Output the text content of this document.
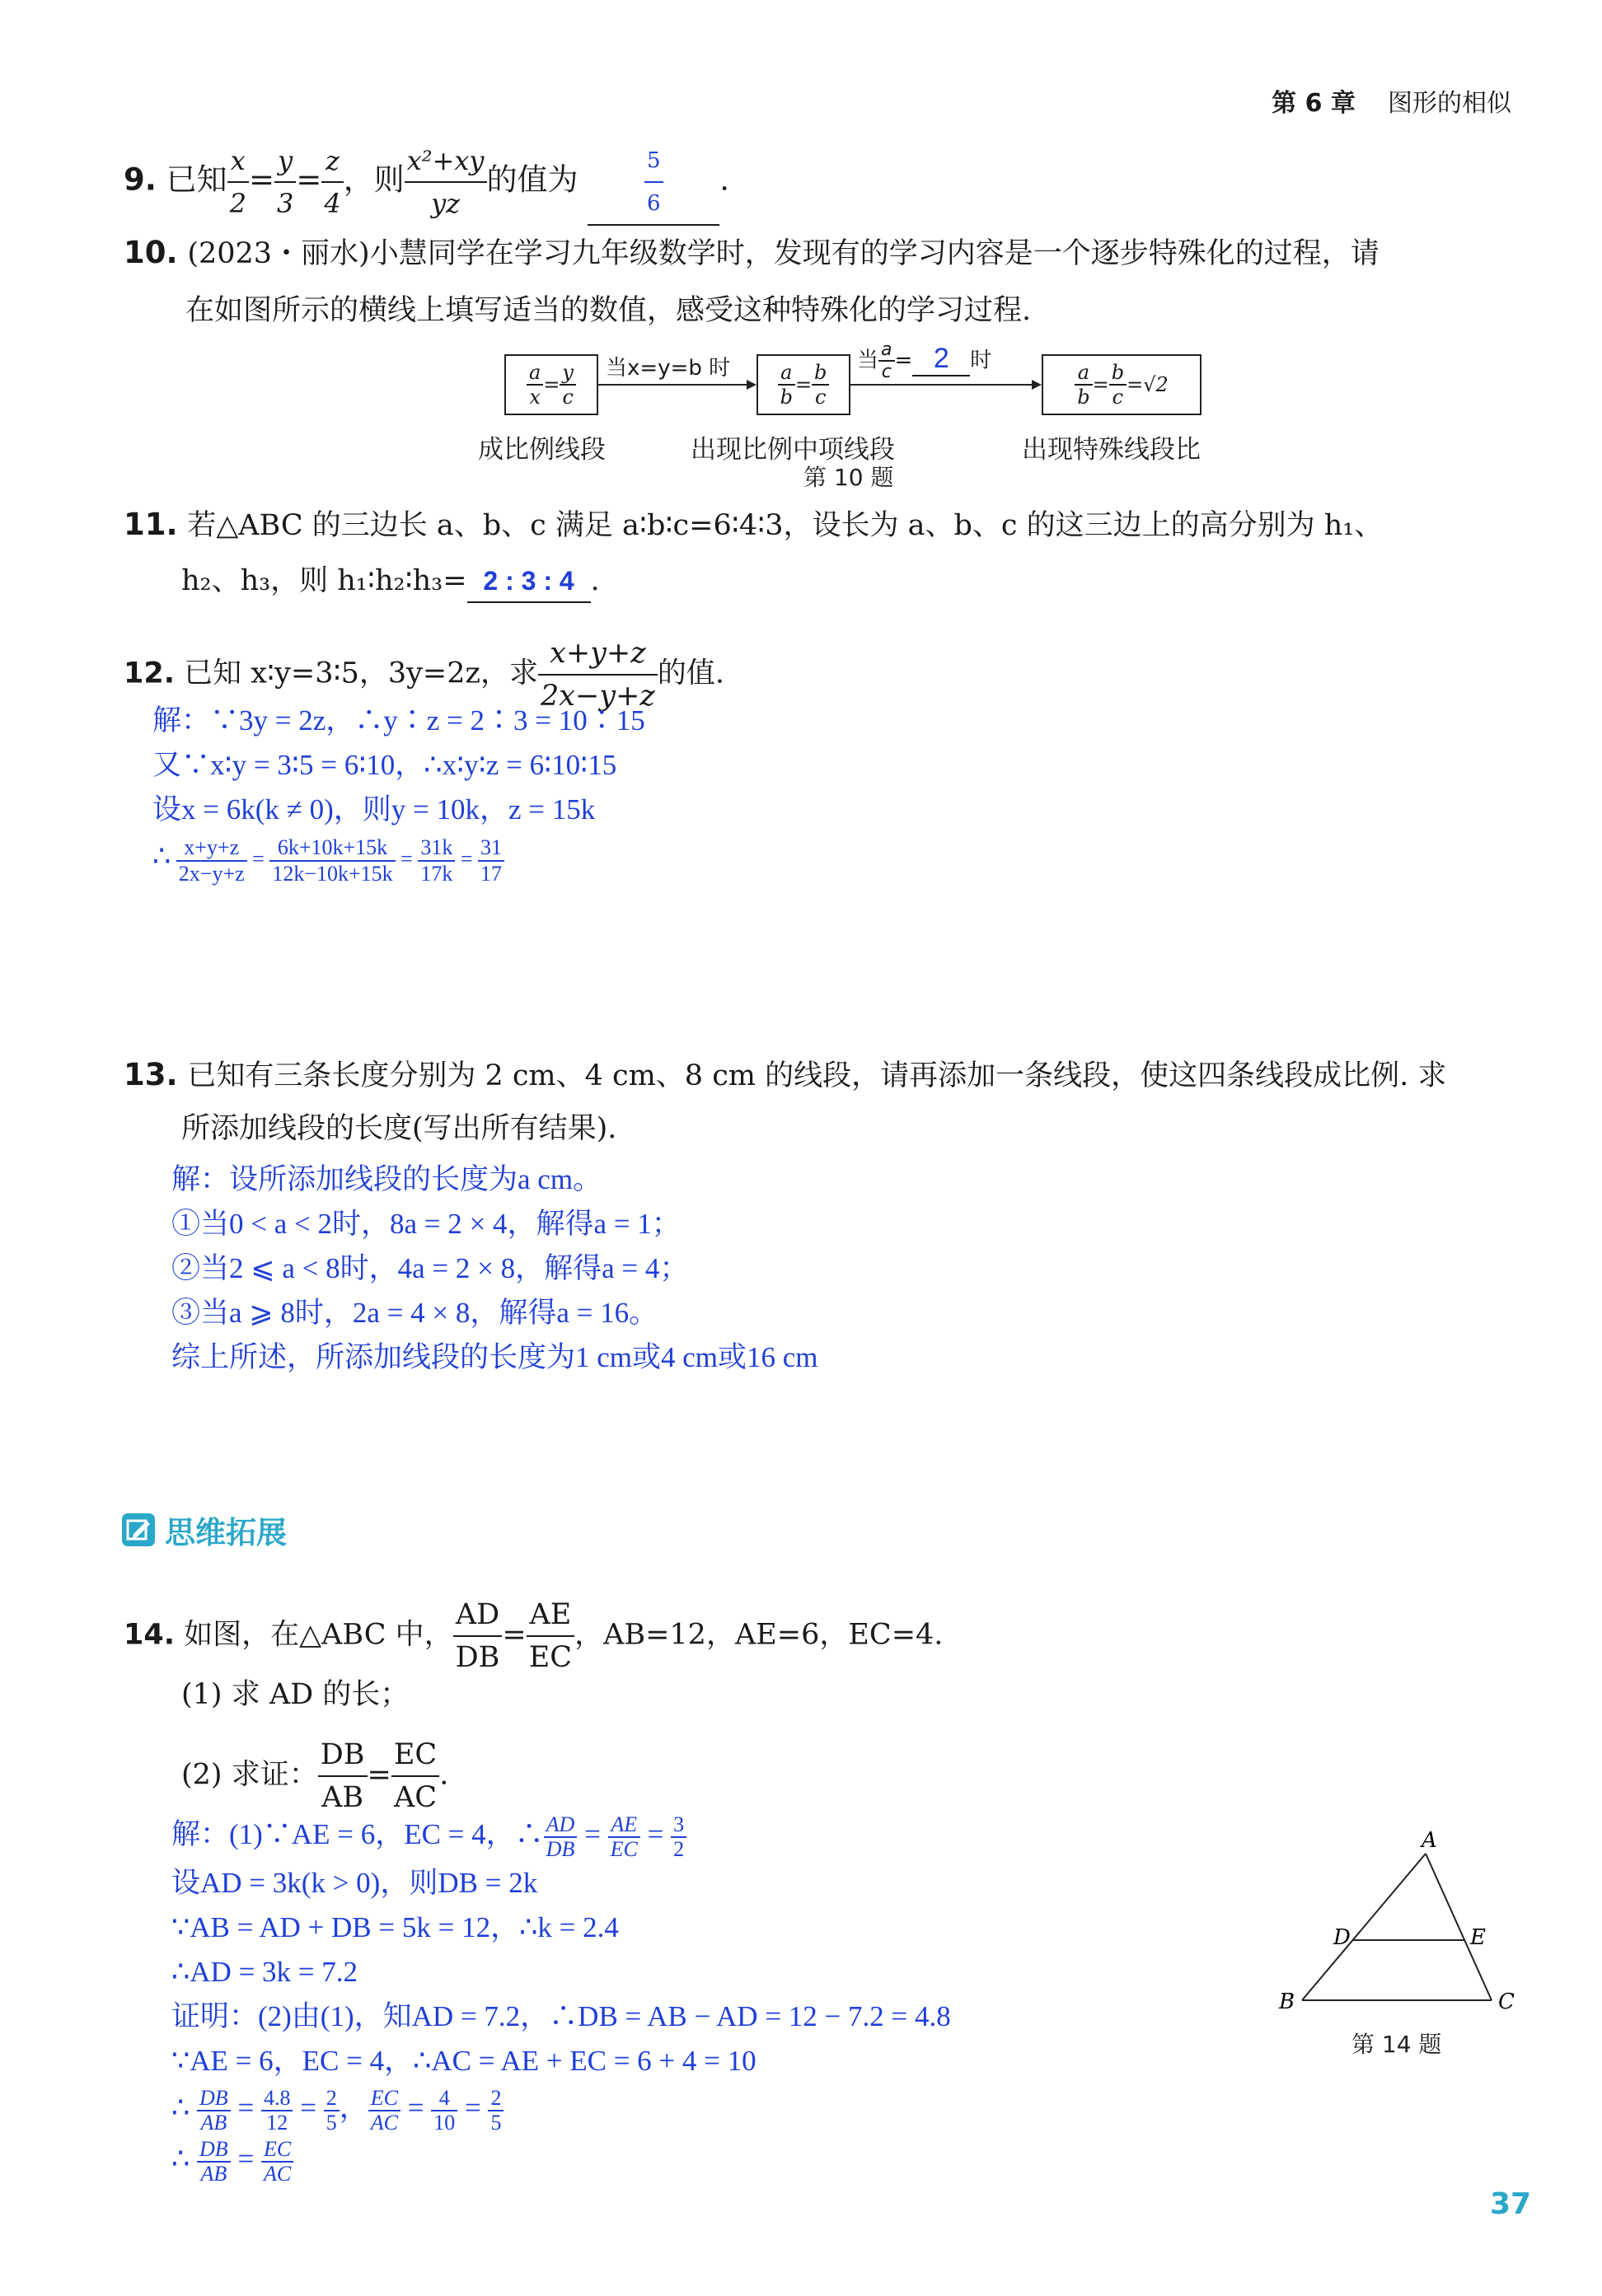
第 6 章 图形的相似
9. 已知 $\frac{x}{2} = \frac{y}{3} = \frac{z}{4}$ ，则 $\frac{\text{x²+xy}}{yz}$ 的值为	$\frac{5}{6}$ .
10. (2023・丽水)小慧同学在学习九年级数学时，发现有的学习内容是一个逐步特殊化的过程，请
在如图所示的横线上填写适当的数值，感受这种特殊化的学习过程.
$\frac{a}{x} = \frac{y}{c}$ 当x=y=b 时 $\frac{a}{b} = \frac{b}{c}$
当 $\frac{a}{c} = 2$ 时
$\frac{a}{b} = \frac{b}{c} =√2$
成比例线段	出现比例中项线段	出现特殊线段比
第 10 题
11. 若△ABC 的三边长 a、b、c 满足 a∶b∶c=6∶4∶3，设长为 a、b、c 的这三边上的高分别为 h₁、
h₂、h₃，则 h₁∶h₂∶h₃= 2 : 3 : 4 .
12. 已知 x∶y=3∶5，3y=2z，求 $\frac{x+y+z}{2x-y+z}$ 的值.
解：∵3y = 2z，∴y∶z = 2∶3 = 10∶15
又∵x∶y = 3∶5 = 6∶10，∴x∶y∶z = 6∶10∶15
设x = 6k(k ≠ 0)，则y = 10k，z = 15k
∴ $\frac{x+y+z}{2x-y+z} = \frac{6k+10k+15k}{12k-10k+15k} = \frac{31k}{17k} = \frac{31}{17}$
13. 已知有三条长度分别为 2 cm、4 cm、8 cm 的线段，请再添加一条线段，使这四条线段成比例. 求
所添加线段的长度(写出所有结果).
解：设所添加线段的长度为a cm。
①当0 < a < 2时，8a = 2 × 4，解得a = 1；
②当2 ⩽ a < 8时，4a = 2 × 8，解得a = 4；
③当a ⩾ 8时，2a = 4 × 8，解得a = 16。
综上所述，所添加线段的长度为1 cm或4 cm或16 cm
思维拓展
14. 如图，在△ABC 中， $\frac{AD}{DB} = \frac{AE}{EC}$ ，AB=12，AE=6，EC=4.
(1) 求 AD 的长；
(2) 求证： $\frac{DB}{AB} = \frac{EC}{AC}$ .
解：(1)∵AE = 6，EC = 4，∴ $\frac{AD}{DB} = \frac{AE}{EC} = \frac{3}{2}$
设AD = 3k(k > 0)，则DB = 2k
∵AB = AD + DB = 5k = 12，∴k = 2.4
∴AD = 3k = 7.2
证明：(2)由(1)，知AD = 7.2，∴DB = AB − AD = 12 − 7.2 = 4.8
∵AE = 6，EC = 4，∴AC = AE + EC = 6 + 4 = 10
∴ $\frac{DB}{AB} = \frac{4.8}{12} = \frac{2}{5}$ ， $\frac{EC}{AC} = \frac{4}{10} = \frac{2}{5}$
∴ $\frac{DB}{AB} = \frac{EC}{AC}$
A
B	C
D	E
第 14 题
37
